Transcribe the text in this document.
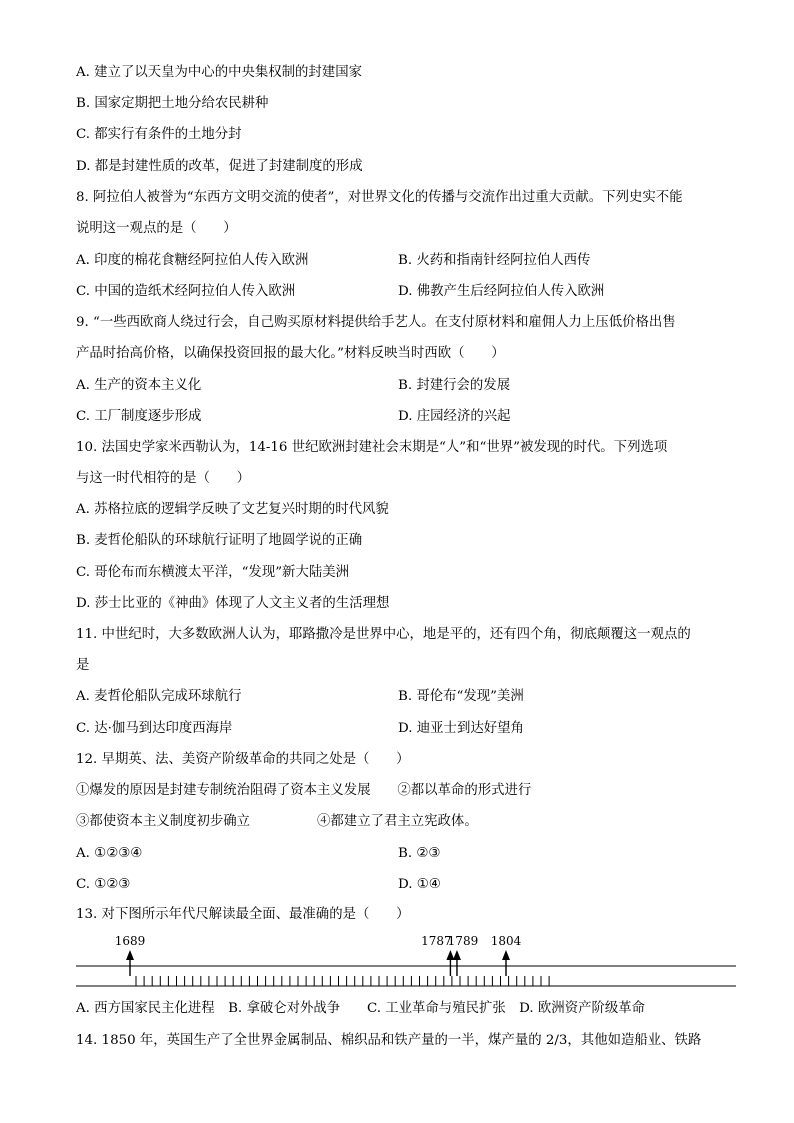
A. 建立了以天皇为中心的中央集权制的封建国家
B. 国家定期把土地分给农民耕种
C. 都实行有条件的土地分封
D. 都是封建性质的改革，促进了封建制度的形成
8. 阿拉伯人被誉为“东西方文明交流的使者”，对世界文化的传播与交流作出过重大贡献。下列史实不能
说明这一观点的是（　　）
A. 印度的棉花食糖经阿拉伯人传入欧洲	B. 火药和指南针经阿拉伯人西传
C. 中国的造纸术经阿拉伯人传入欧洲	D. 佛教产生后经阿拉伯人传入欧洲
9. “一些西欧商人绕过行会，自己购买原材料提供给手艺人。在支付原材料和雇佣人力上压低价格出售
产品时抬高价格，以确保投资回报的最大化。”材料反映当时西欧（　　）
A. 生产的资本主义化	B. 封建行会的发展
C. 工厂制度逐步形成	D. 庄园经济的兴起
10. 法国史学家米西勒认为，14-16 世纪欧洲封建社会末期是“人”和“世界”被发现的时代。下列选项
与这一时代相符的是（　　）
A. 苏格拉底的逻辑学反映了文艺复兴时期的时代风貌
B. 麦哲伦船队的环球航行证明了地圆学说的正确
C. 哥伦布而东横渡太平洋，“发现”新大陆美洲
D. 莎士比亚的《神曲》体现了人文主义者的生活理想
11. 中世纪时，大多数欧洲人认为，耶路撒冷是世界中心，地是平的，还有四个角，彻底颠覆这一观点的
是
A. 麦哲伦船队完成环球航行	B. 哥伦布“发现”美洲
C. 达·伽马到达印度西海岸	D. 迪亚士到达好望角
12. 早期英、法、美资产阶级革命的共同之处是（　　）
①爆发的原因是封建专制统治阻碍了资本主义发展　　②都以革命的形式进行
③都使资本主义制度初步确立　　　　　④都建立了君主立宪政体。
A. ①②③④	B. ②③
C. ①②③	D. ①④
13. 对下图所示年代尺解读最全面、最准确的是（　　）
1689	1787
1789 1804
A. 西方国家民主化进程　B. 拿破仑对外战争　　C. 工业革命与殖民扩张　D. 欧洲资产阶级革命
14. 1850 年，英国生产了全世界金属制品、棉织品和铁产量的一半，煤产量的 2/3，其他如造船业、铁路
